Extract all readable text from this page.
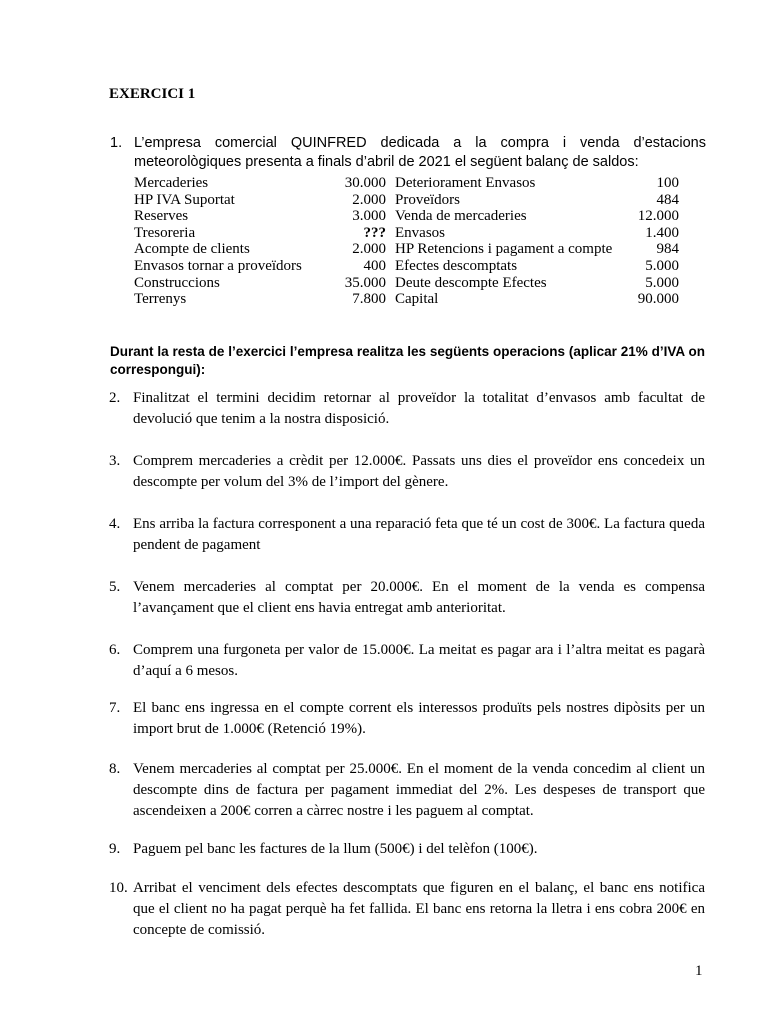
EXERCICI 1
1. L’empresa comercial QUINFRED dedicada a la compra i venda d’estacions
meteorològiques presenta a finals d’abril de 2021 el següent balanç de saldos:
Mercaderies	30.000 Deteriorament Envasos	100
HP IVA Suportat	2.000 Proveïdors	484
Reserves	3.000 Venda de mercaderies	12.000
Tresoreria	??? Envasos	1.400
Acompte de clients	2.000 HP Retencions i pagament a compte	984
Envasos tornar a proveïdors	400 Efectes descomptats	5.000
Construccions	35.000 Deute descompte Efectes	5.000
Terrenys	7.800 Capital	90.000
Durant la resta de l’exercici l’empresa realitza les següents operacions (aplicar 21% d’IVA on correspongui):
2. Finalitzat el termini decidim retornar al proveïdor la totalitat d’envasos amb facultat de devolució que tenim a la nostra disposició.
3. Comprem mercaderies a crèdit per 12.000€. Passats uns dies el proveïdor ens concedeix un descompte per volum del 3% de l’import del gènere.
4. Ens arriba la factura corresponent a una reparació feta que té un cost de 300€. La factura queda pendent de pagament
5. Venem mercaderies al comptat per 20.000€. En el moment de la venda es compensa l’avançament que el client ens havia entregat amb anterioritat.
6. Comprem una furgoneta per valor de 15.000€. La meitat es pagar ara i l’altra meitat es pagarà d’aquí a 6 mesos.
7. El banc ens ingressa en el compte corrent els interessos produïts pels nostres dipòsits per un import brut de 1.000€ (Retenció 19%).
8. Venem mercaderies al comptat per 25.000€. En el moment de la venda concedim al client un descompte dins de factura per pagament immediat del 2%. Les despeses de transport que ascendeixen a 200€ corren a càrrec nostre i les paguem al comptat.
9. Paguem pel banc les factures de la llum (500€) i del telèfon (100€).
10. Arribat el venciment dels efectes descomptats que figuren en el balanç, el banc ens notifica que el client no ha pagat perquè ha fet fallida. El banc ens retorna la lletra i ens cobra 200€ en concepte de comissió.
1
